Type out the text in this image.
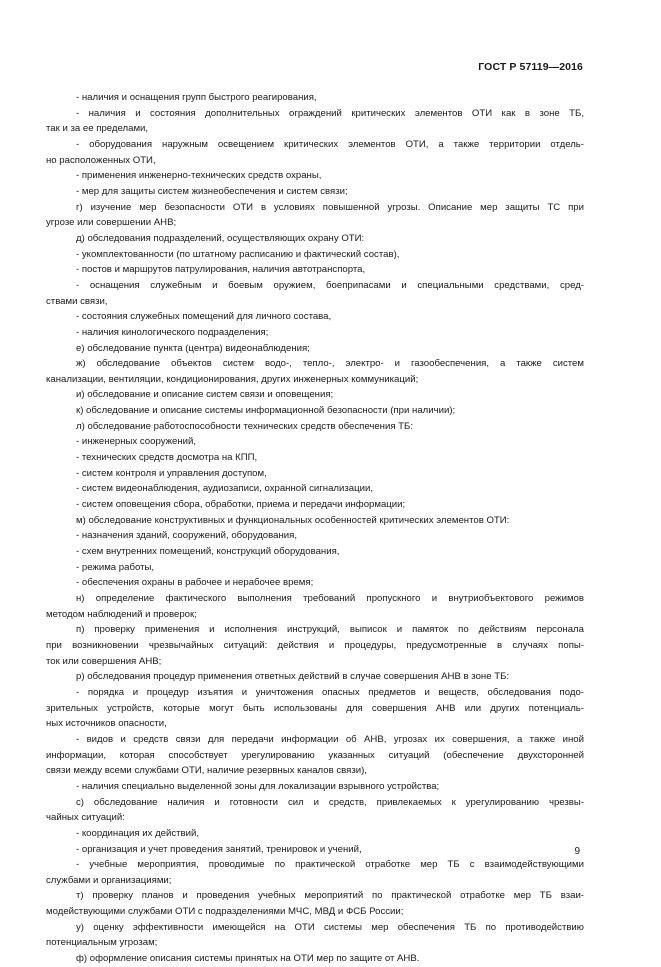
ГОСТ Р 57119—2016
- наличия и оснащения групп быстрого реагирования,
- наличия и состояния дополнительных ограждений критических элементов ОТИ как в зоне ТБ,
так и за ее пределами,
- оборудования наружным освещением критических элементов ОТИ, а также территории отдель-
но расположенных ОТИ,
- применения инженерно-технических средств охраны,
- мер для защиты систем жизнеобеспечения и систем связи;
г) изучение мер безопасности ОТИ в условиях повышенной угрозы. Описание мер защиты ТС при
угрозе или совершении АНВ;
д) обследования подразделений, осуществляющих охрану ОТИ:
- укомплектованности (по штатному расписанию и фактический состав),
- постов и маршрутов патрулирования, наличия автотранспорта,
- оснащения служебным и боевым оружием, боеприпасами и специальными средствами, сред-
ствами связи,
- состояния служебных помещений для личного состава,
- наличия кинологического подразделения;
е) обследование пункта (центра) видеонаблюдения;
ж) обследование объектов систем водо-, тепло-, электро- и газообеспечения, а также систем
канализации, вентиляции, кондиционирования, других инженерных коммуникаций;
и) обследование и описание систем связи и оповещения;
к) обследование и описание системы информационной безопасности (при наличии);
л) обследование работоспособности технических средств обеспечения ТБ:
- инженерных сооружений,
- технических средств досмотра на КПП,
- систем контроля и управления доступом,
- систем видеонаблюдения, аудиозаписи, охранной сигнализации,
- систем оповещения сбора, обработки, приема и передачи информации;
м) обследование конструктивных и функциональных особенностей критических элементов ОТИ:
- назначения зданий, сооружений, оборудования,
- схем внутренних помещений, конструкций оборудования,
- режима работы,
- обеспечения охраны в рабочее и нерабочее время;
н) определение фактического выполнения требований пропускного и внутриобъектового режимов
методом наблюдений и проверок;
п) проверку применения и исполнения инструкций, выписок и памяток по действиям персонала
при возникновении чрезвычайных ситуаций: действия и процедуры, предусмотренные в случаях попы-
ток или совершения АНВ;
р) обследования процедур применения ответных действий в случае совершения АНВ в зоне ТБ:
- порядка и процедур изъятия и уничтожения опасных предметов и веществ, обследования подо-
зрительных устройств, которые могут быть использованы для совершения АНВ или других потенциаль-
ных источников опасности,
- видов и средств связи для передачи информации об АНВ, угрозах их совершения, а также иной
информации, которая способствует урегулированию указанных ситуаций (обеспечение двухсторонней
связи между всеми службами ОТИ, наличие резервных каналов связи),
- наличия специально выделенной зоны для локализации взрывного устройства;
с) обследование наличия и готовности сил и средств, привлекаемых к урегулированию чрезвы-
чайных ситуаций:
- координация их действий,
- организация и учет проведения занятий, тренировок и учений,
- учебные мероприятия, проводимые по практической отработке мер ТБ с взаимодействующими
службами и организациями;
т) проверку планов и проведения учебных мероприятий по практической отработке мер ТБ взаи-
модействующими службами ОТИ с подразделениями МЧС, МВД и ФСБ России;
у) оценку эффективности имеющейся на ОТИ системы мер обеспечения ТБ по противодействию
потенциальным угрозам;
ф) оформление описания системы принятых на ОТИ мер по защите от АНВ.
9
